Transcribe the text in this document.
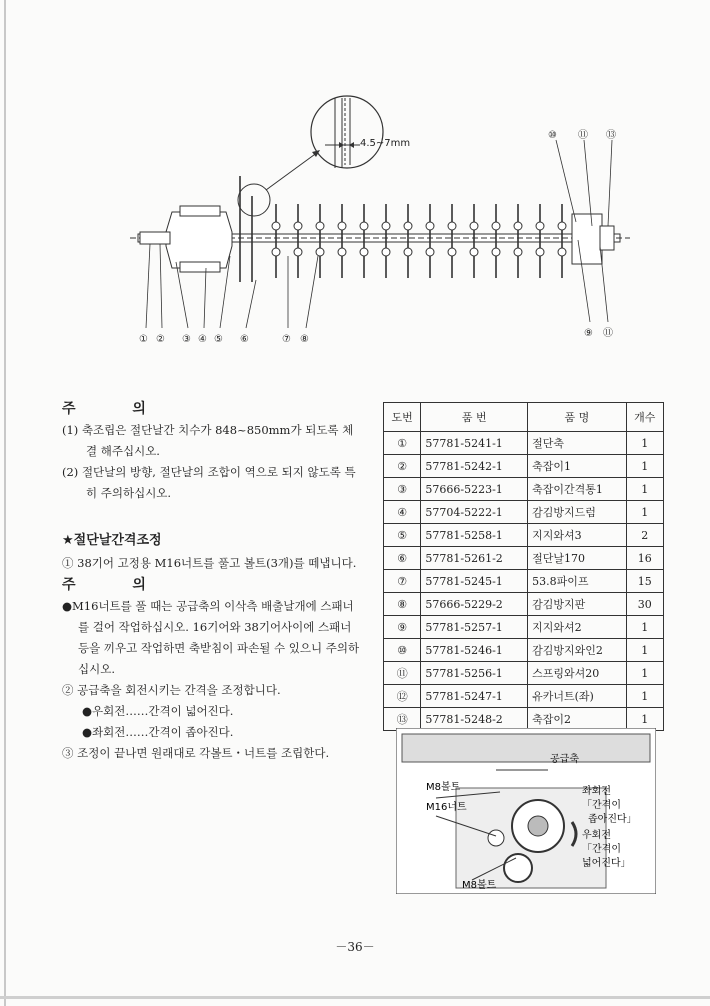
4.5~7mm
① ② ③ ④ ⑤ ⑥	⑦ ⑧
⑨
⑩
⑪
⑪ ⑬

주 의

(1) 축조립은 절단날간 치수가 848~850mm가 되도록 체결 해주십시오.

(2) 절단날의 방향, 절단날의 조합이 역으로 되지 않도록 특히 주의하십시오.

★절단날간격조정

① 38기어 고정용 M16너트를 풀고 볼트(3개)를 떼냅니다.

주 의

●M16너트를 풀 때는 공급축의 이삭측 배출날개에 스패너를 걸어 작업하십시오. 16기어와 38기어사이에 스패너등을 끼우고 작업하면 축받침이 파손될 수 있으니 주의하십시오.

② 공급축을 회전시키는 간격을 조정합니다.

●우회전……간격이 넓어진다.

●좌회전……간격이 좁아진다.

③ 조정이 끝나면 원래대로 각볼트・너트를 조립한다.

도번	품 번	품 명	개수
①	57781-5241-1	절단축	1
②	57781-5242-1	축잡이1	1
③	57666-5223-1	축잡이간격통1	1
④	57704-5222-1	감김방지드럼	1
⑤	57781-5258-1	지지와셔3	2
⑥	57781-5261-2	절단날170	16
⑦	57781-5245-1	53.8파이프	15
⑧	57666-5229-2	감김방지판	30
⑨	57781-5257-1	지지와셔2	1
⑩	57781-5246-1	감김방지와인2	1
⑪	57781-5256-1	스프링와셔20	1
⑫	57781-5247-1	유카너트(좌)	1
⑬	57781-5248-2	축잡이2	1
공급축
M8볼트
M16너트
M8볼트
좌회전
「간격이
좁아진다」
우회전
「간격이
넓어진다」
－36－
